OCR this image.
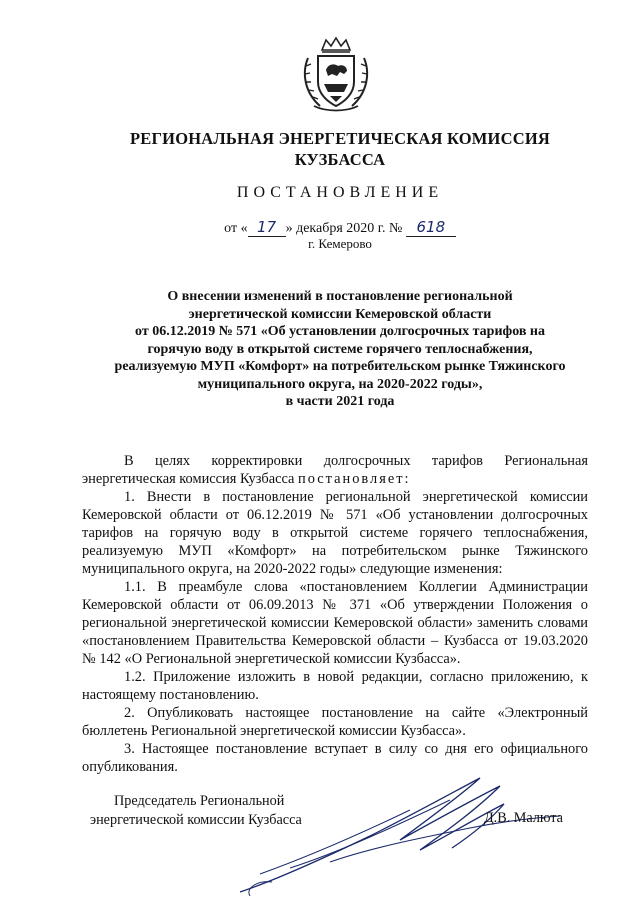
РЕГИОНАЛЬНАЯ ЭНЕРГЕТИЧЕСКАЯ КОМИССИЯ
КУЗБАССА
ПОСТАНОВЛЕНИЕ
от « 17 » декабря 2020 г. № 618
г. Кемерово
О внесении изменений в постановление региональной
энергетической комиссии Кемеровской области
от 06.12.2019 № 571 «Об установлении долгосрочных тарифов на
горячую воду в открытой системе горячего теплоснабжения,
реализуемую МУП «Комфорт» на потребительском рынке Тяжинского
муниципального округа, на 2020-2022 годы»,
в части 2021 года

В целях корректировки долгосрочных тарифов Региональная энергетическая комиссия Кузбасса постановляет:

1. Внести в постановление региональной энергетической комиссии Кемеровской области от 06.12.2019 № 571 «Об установлении долгосрочных тарифов на горячую воду в открытой системе горячего теплоснабжения, реализуемую МУП «Комфорт» на потребительском рынке Тяжинского муниципального округа, на 2020-2022 годы» следующие изменения:

1.1. В преамбуле слова «постановлением Коллегии Администрации Кемеровской области от 06.09.2013 № 371 «Об утверждении Положения о региональной энергетической комиссии Кемеровской области» заменить словами «постановлением Правительства Кемеровской области – Кузбасса от 19.03.2020 № 142 «О Региональной энергетической комиссии Кузбасса».

1.2. Приложение изложить в новой редакции, согласно приложению, к настоящему постановлению.

2. Опубликовать настоящее постановление на сайте «Электронный бюллетень Региональной энергетической комиссии Кузбасса».

3. Настоящее постановление вступает в силу со дня его официального опубликования.

Председатель Региональной
энергетической комиссии Кузбасса	Д.В. Малюта
